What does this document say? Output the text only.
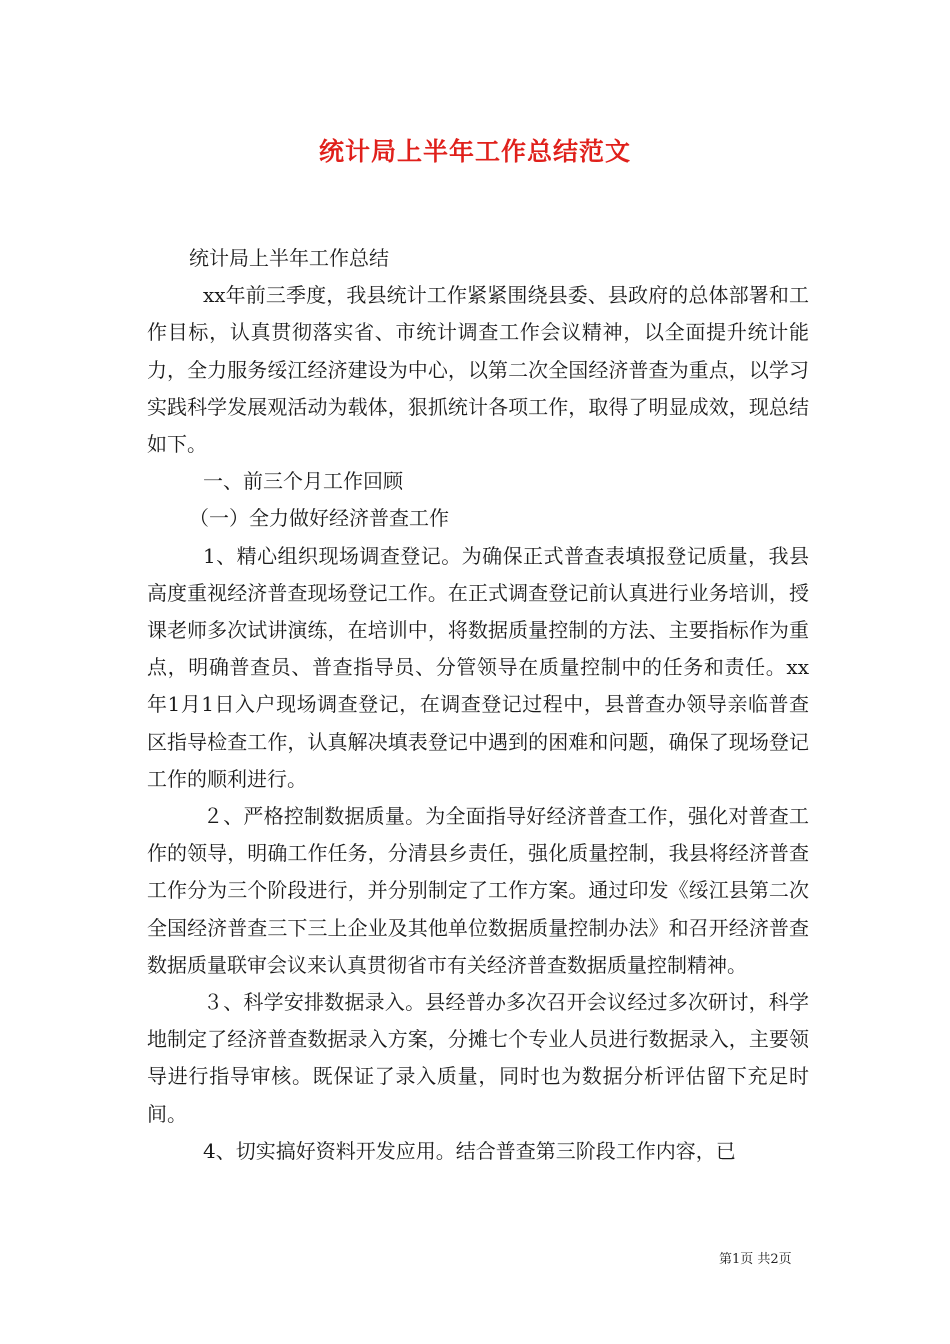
统计局上半年工作总结范文

统计局上半年工作总结

xx年前三季度，我县统计工作紧紧围绕县委、县政府的总体部署和工作目标，认真贯彻落实省、市统计调查工作会议精神，以全面提升统计能力，全力服务绥江经济建设为中心，以第二次全国经济普查为重点，以学习实践科学发展观活动为载体，狠抓统计各项工作，取得了明显成效，现总结如下。

一、前三个月工作回顾

（一）全力做好经济普查工作

1、精心组织现场调查登记。为确保正式普查表填报登记质量，我县高度重视经济普查现场登记工作。在正式调查登记前认真进行业务培训，授课老师多次试讲演练，在培训中，将数据质量控制的方法、主要指标作为重点，明确普查员、普查指导员、分管领导在质量控制中的任务和责任。xx年1月1日入户现场调查登记，在调查登记过程中，县普查办领导亲临普查区指导检查工作，认真解决填表登记中遇到的困难和问题，确保了现场登记工作的顺利进行。

２、严格控制数据质量。为全面指导好经济普查工作，强化对普查工作的领导，明确工作任务，分清县乡责任，强化质量控制，我县将经济普查工作分为三个阶段进行，并分别制定了工作方案。通过印发《绥江县第二次全国经济普查三下三上企业及其他单位数据质量控制办法》和召开经济普查数据质量联审会议来认真贯彻省市有关经济普查数据质量控制精神。

３、科学安排数据录入。县经普办多次召开会议经过多次研讨，科学地制定了经济普查数据录入方案，分摊七个专业人员进行数据录入，主要领导进行指导审核。既保证了录入质量，同时也为数据分析评估留下充足时间。

4、切实搞好资料开发应用。结合普查第三阶段工作内容，已

第1页 共2页
